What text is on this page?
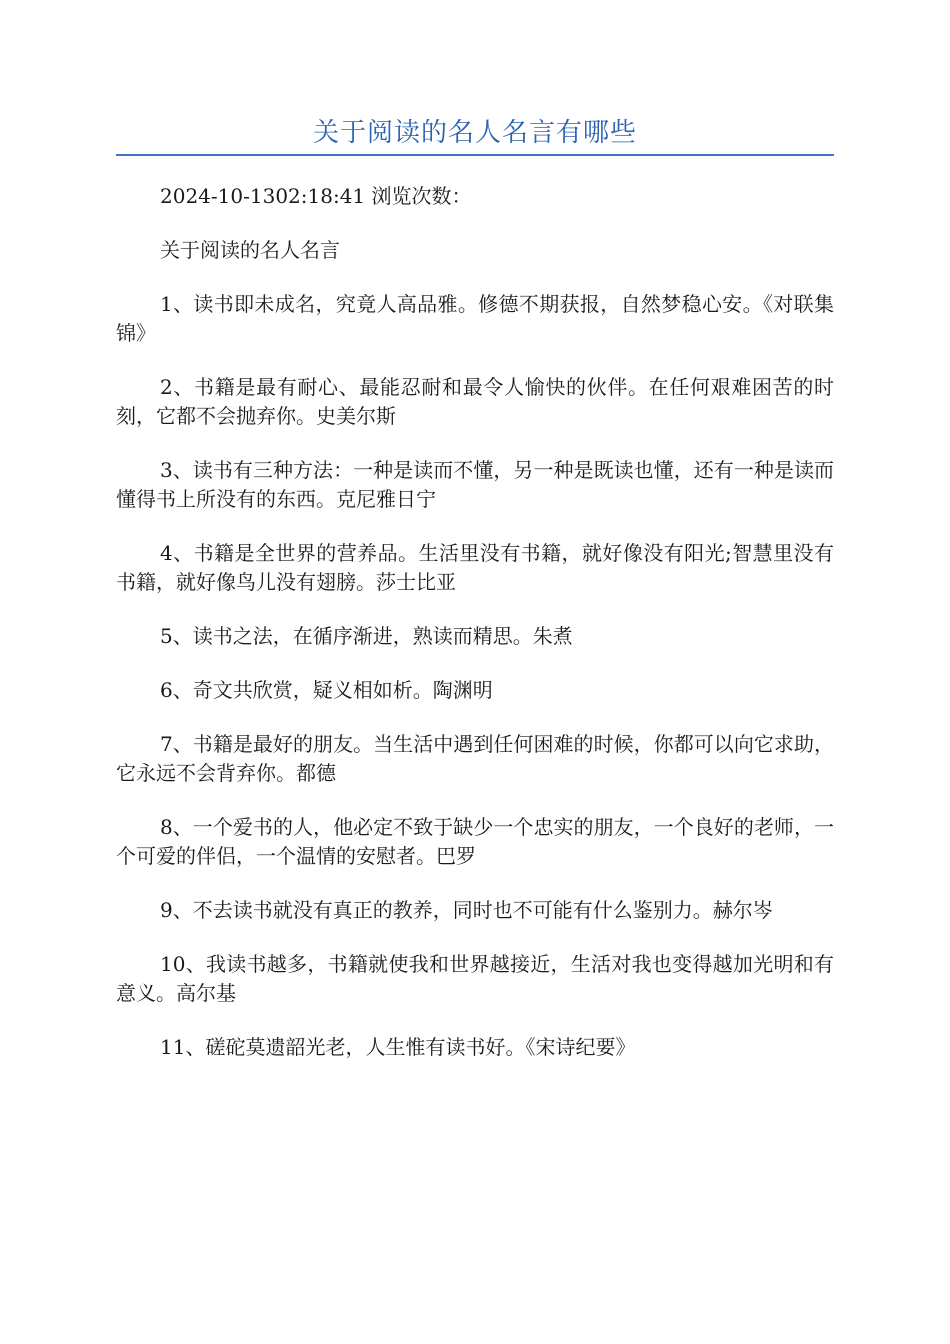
关于阅读的名人名言有哪些

2024-10-1302:18:41 浏览次数：

关于阅读的名人名言

1、读书即未成名，究竟人高品雅。修德不期获报，自然梦稳心安。《对联集锦》

2、书籍是最有耐心、最能忍耐和最令人愉快的伙伴。在任何艰难困苦的时刻，它都不会抛弃你。史美尔斯

3、读书有三种方法：一种是读而不懂，另一种是既读也懂，还有一种是读而懂得书上所没有的东西。克尼雅日宁

4、书籍是全世界的营养品。生活里没有书籍，就好像没有阳光;智慧里没有书籍，就好像鸟儿没有翅膀。莎士比亚

5、读书之法，在循序渐进，熟读而精思。朱煮

6、奇文共欣赏，疑义相如析。陶渊明

7、书籍是最好的朋友。当生活中遇到任何困难的时候，你都可以向它求助，它永远不会背弃你。都德

8、一个爱书的人，他必定不致于缺少一个忠实的朋友，一个良好的老师，一个可爱的伴侣，一个温情的安慰者。巴罗

9、不去读书就没有真正的教养，同时也不可能有什么鉴别力。赫尔岑

10、我读书越多，书籍就使我和世界越接近，生活对我也变得越加光明和有意义。高尔基

11、磋砣莫遗韶光老，人生惟有读书好。《宋诗纪要》
